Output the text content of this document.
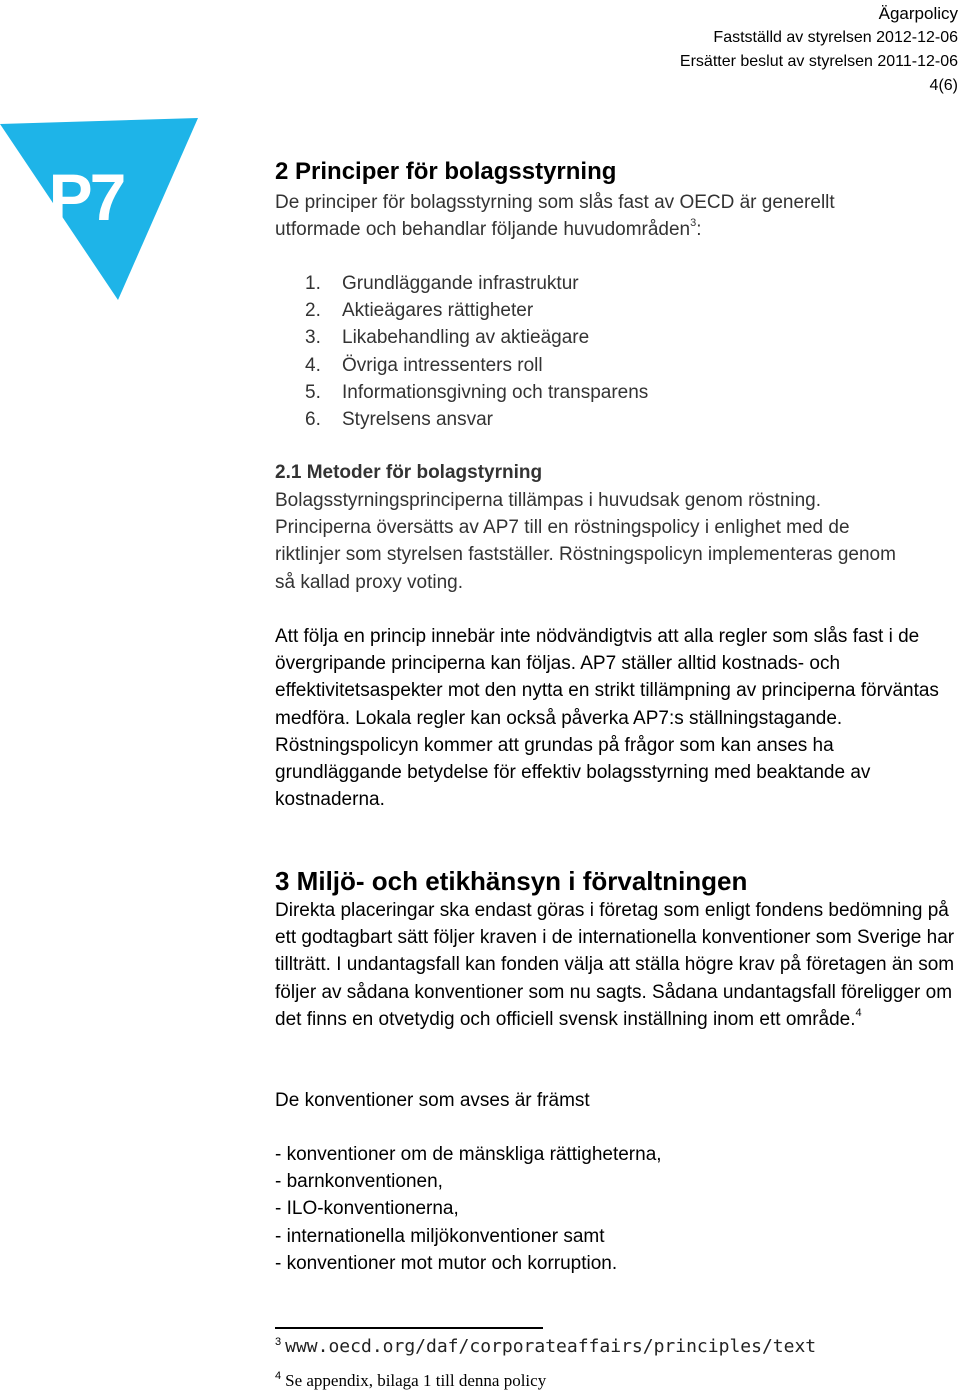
Ägarpolicy
Fastställd av styrelsen 2012-12-06
Ersätter beslut av styrelsen 2011-12-06
4(6)
AP7	2 Principer för bolagsstyrning

De principer för bolagsstyrning som slås fast av OECD är generellt utformade och behandlar följande huvudområden$^3$:

1. Grundläggande infrastruktur
2. Aktieägares rättigheter
3. Likabehandling av aktieägare
4. Övriga intressenters roll
5. Informationsgivning och transparens
6. Styrelsens ansvar
2.1 Metoder för bolagstyrning

Bolagsstyrningsprinciperna tillämpas i huvudsak genom röstning. Principerna översätts av AP7 till en röstningspolicy i enlighet med de riktlinjer som styrelsen fastställer. Röstningspolicyn implementeras genom så kallad proxy voting.

Att följa en princip innebär inte nödvändigtvis att alla regler som slås fast i de övergripande principerna kan följas. AP7 ställer alltid kostnads- och effektivitetsaspekter mot den nytta en strikt tillämpning av principerna förväntas medföra. Lokala regler kan också påverka AP7:s ställningstagande. Röstningspolicyn kommer att grundas på frågor som kan anses ha grundläggande betydelse för effektiv bolagsstyrning med beaktande av kostnaderna.

3 Miljö- och etikhänsyn i förvaltningen

Direkta placeringar ska endast göras i företag som enligt fondens bedömning på ett godtagbart sätt följer kraven i de internationella konventioner som Sverige har tillträtt. I undantagsfall kan fonden välja att ställa högre krav på företagen än som följer av sådana konventioner som nu sagts. Sådana undantagsfall föreligger om det finns en otvetydig och officiell svensk inställning inom ett område.$^4$

De konventioner som avses är främst

- konventioner om de mänskliga rättigheterna,

- barnkonventionen,

- ILO-konventionerna,

- internationella miljökonventioner samt

- konventioner mot mutor och korruption.

$^3$ www.oecd.org/daf/corporateaffairs/principles/text
$^4$ Se appendix, bilaga 1 till denna policy
